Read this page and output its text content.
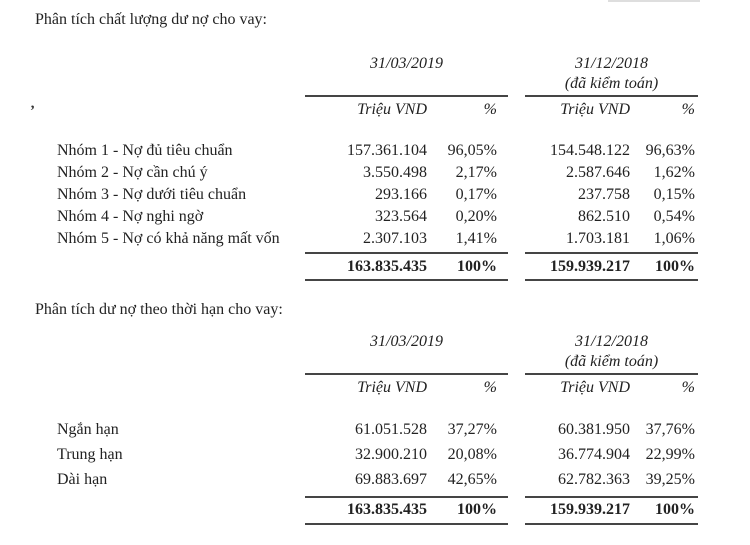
’
Phân tích chất lượng dư nợ cho vay:
31/03/2019
Triệu VND	%
31/12/2018
(đã kiểm toán)
Triệu VND	%
Nhóm 1 - Nợ đủ tiêu chuẩn	157.361.104	96,05%	154.548.122 96,63%
Nhóm 2 - Nợ cần chú ý	3.550.498	2,17%	2.587.646	1,62%
Nhóm 3 - Nợ dưới tiêu chuẩn	293.166	0,17%	237.758	0,15%
Nhóm 4 - Nợ nghi ngờ	323.564	0,20%	862.510	0,54%
Nhóm 5 - Nợ có khả năng mất vốn	2.307.103	1,41%	1.703.181	1,06%
163.835.435	100%	159.939.217	100%
Phân tích dư nợ theo thời hạn cho vay:
31/03/2019
Triệu VND	%
31/12/2018
(đã kiểm toán)
Triệu VND	%
Ngắn hạn	61.051.528	37,27%	60.381.950 37,76%
Trung hạn	32.900.210	20,08%	36.774.904 22,99%
Dài hạn	69.883.697	42,65%	62.782.363 39,25%
163.835.435	100%	159.939.217	100%
